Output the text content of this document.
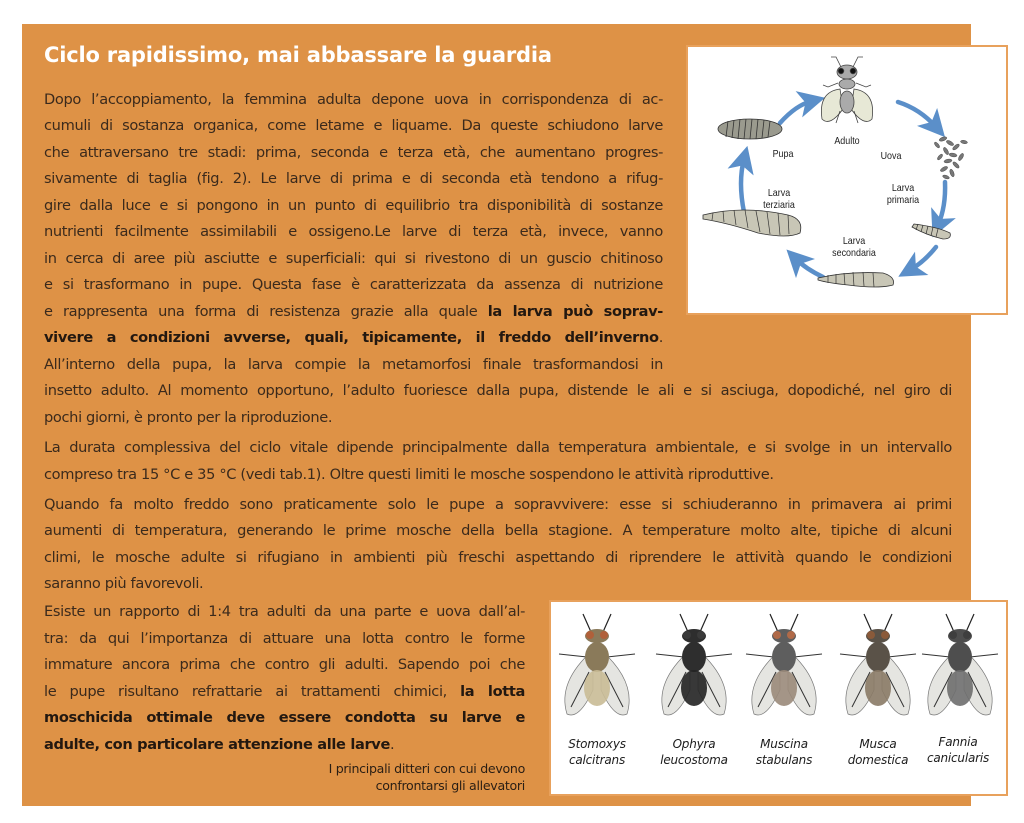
Ciclo rapidissimo, mai abbassare la guardia
Dopo l’accoppiamento, la femmina adulta depone uova in corrispondenza di ac-
cumuli di sostanza organica, come letame e liquame. Da queste schiudono larve
che attraversano tre stadi: prima, seconda e terza età, che aumentano progres-
sivamente di taglia (fig. 2). Le larve di prima e di seconda età tendono a rifug-
gire dalla luce e si pongono in un punto di equilibrio tra disponibilità di sostanze
nutrienti facilmente assimilabili e ossigeno.Le larve di terza età, invece, vanno
in cerca di aree più asciutte e superficiali: qui si rivestono di un guscio chitinoso
e si trasformano in pupe. Questa fase è caratterizzata da assenza di nutrizione
e rappresenta una forma di resistenza grazie alla quale la larva può soprav-
vivere a condizioni avverse, quali, tipicamente, il freddo dell’inverno.
All’interno della pupa, la larva compie la metamorfosi finale trasformandosi in
insetto adulto. Al momento opportuno, l’adulto fuoriesce dalla pupa, distende le ali e si asciuga, dopodiché, nel giro di
pochi giorni, è pronto per la riproduzione.
La durata complessiva del ciclo vitale dipende principalmente dalla temperatura ambientale, e si svolge in un intervallo
compreso tra 15 °C e 35 °C (vedi tab.1). Oltre questi limiti le mosche sospendono le attività riproduttive.
Quando fa molto freddo sono praticamente solo le pupe a sopravvivere: esse si schiuderanno in primavera ai primi
aumenti di temperatura, generando le prime mosche della bella stagione. A temperature molto alte, tipiche di alcuni
climi, le mosche adulte si rifugiano in ambienti più freschi aspettando di riprendere le attività quando le condizioni
saranno più favorevoli.
Esiste un rapporto di 1:4 tra adulti da una parte e uova dall’al-
tra: da qui l’importanza di attuare una lotta contro le forme
immature ancora prima che contro gli adulti. Sapendo poi che
le pupe risultano refrattarie ai trattamenti chimici, la lotta
moschicida ottimale deve essere condotta su larve e
adulte, con particolare attenzione alle larve.
I principali ditteri con cui devono
confrontarsi gli allevatori
Adulto
Uova
Pupa
Larva
primaria
Larva
secondaria
Larva
terziaria
Stomoxys
calcitrans
Ophyra
leucostoma
Muscina
stabulans
Musca
domestica
Fannia
canicularis
